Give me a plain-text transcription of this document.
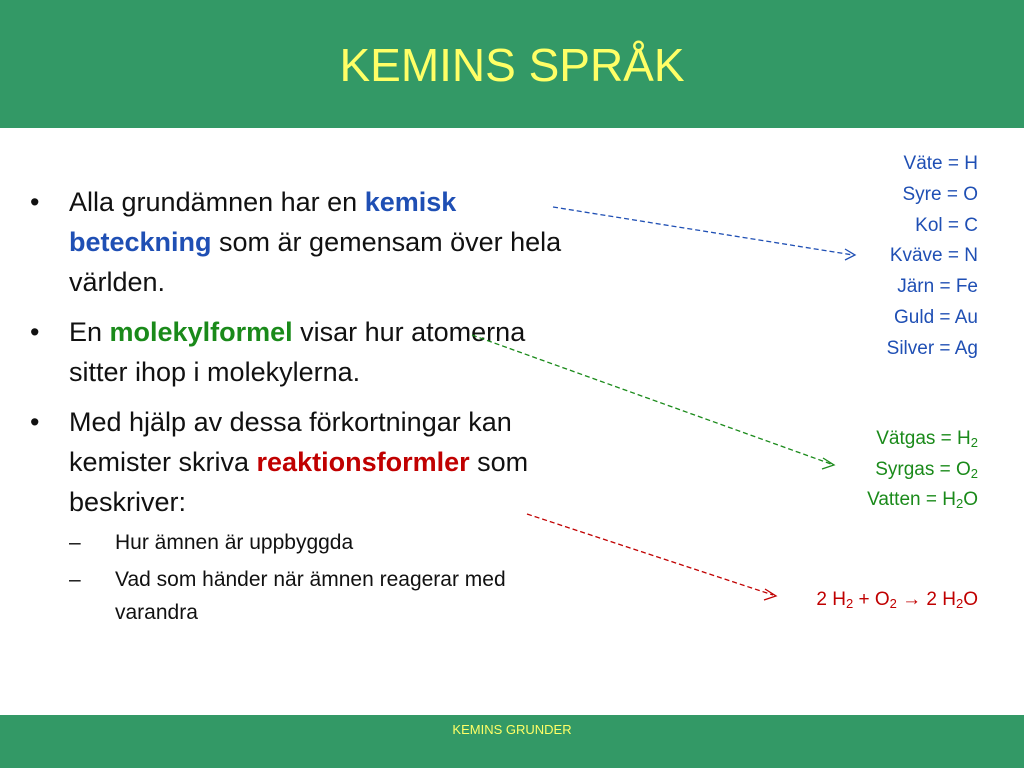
KEMINS SPRÅK
• Alla grundämnen har en kemisk beteckning som är gemensam över hela världen.
• En molekylformel visar hur atomerna sitter ihop i molekylerna.
• Med hjälp av dessa förkortningar kan kemister skriva reaktionsformler som beskriver:
– Hur ämnen är uppbyggda
– Vad som händer när ämnen reagerar med varandra
Väte = H
Syre = O
Kol = C
Kväve = N
Järn = Fe
Guld = Au
Silver = Ag
Vätgas = $H_2$
Syrgas = $O_2$
Vatten = $H_2O$
2 $H_2 + O_2 \to 2$ $H_2O$
KEMINS GRUNDER
